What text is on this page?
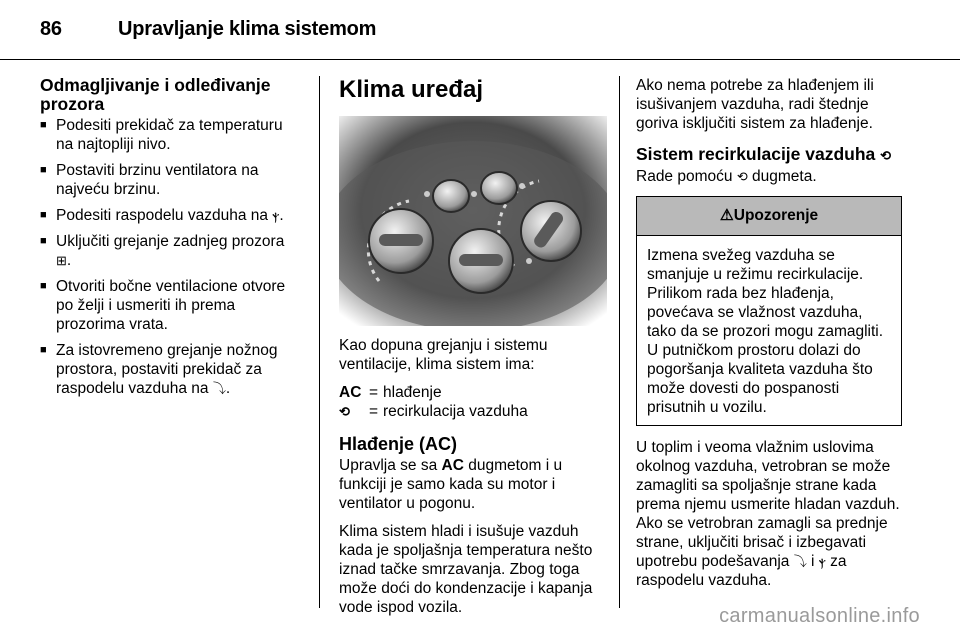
86	Upravljanje klima sistemom
Odmagljivanje i odleđivanje prozora
■ Podesiti prekidač za temperaturu na najtopliji nivo.
■ Postaviti brzinu ventilatora na najveću brzinu.
■ Podesiti raspodelu vazduha na ⲯ.
■ Uključiti grejanje zadnjeg prozora ⊞.
■ Otvoriti bočne ventilacione otvore po želji i usmeriti ih prema prozorima vrata.
■ Za istovremeno grejanje nožnog prostora, postaviti prekidač za raspodelu vazduha na ⤵.
Klima uređaj

Kao dopuna grejanju i sistemu ventilacije, klima sistem ima:

AC = hlađenje
⟲	= recirkulacija vazduha
Hlađenje (AC)

Upravlja se sa AC dugmetom i u funkciji je samo kada su motor i ventilator u pogonu.

Klima sistem hladi i isušuje vazduh kada je spoljašnja temperatura nešto iznad tačke smrzavanja. Zbog toga može doći do kondenzacije i kapanja vode ispod vozila.

Ako nema potrebe za hlađenjem ili isušivanjem vazduha, radi štednje goriva isključiti sistem za hlađenje.

Sistem recirkulacije vazduha ⟲

Rade pomoću ⟲ dugmeta.

⚠Upozorenje
Izmena svežeg vazduha se smanjuje u režimu recirkulacije. Prilikom rada bez hlađenja, povećava se vlažnost vazduha, tako da se prozori mogu zamagliti. U putničkom prostoru dolazi do pogoršanja kvaliteta vazduha što može dovesti do pospanosti prisutnih u vozilu.

U toplim i veoma vlažnim uslovima okolnog vazduha, vetrobran se može zamagliti sa spoljašnje strane kada prema njemu usmerite hladan vazduh. Ako se vetrobran zamagli sa prednje strane, uključiti brisač i izbegavati upotrebu podešavanja ⤵ i ⲯ za raspodelu vazduha.

carmanualsonline.info
